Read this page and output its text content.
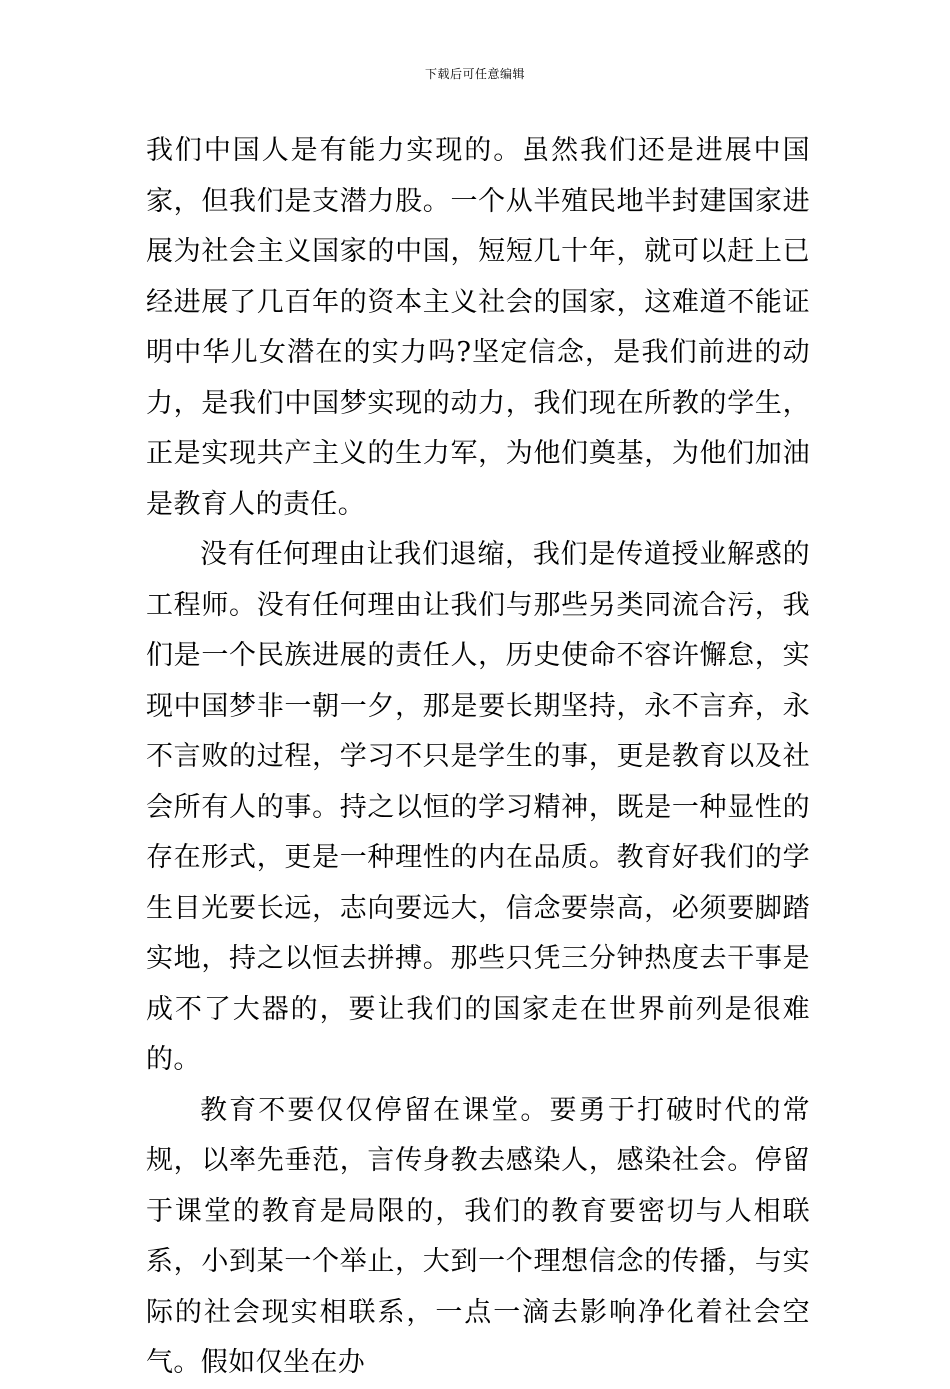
下载后可任意编辑

我们中国人是有能力实现的。虽然我们还是进展中国家，但我们是支潜力股。一个从半殖民地半封建国家进展为社会主义国家的中国，短短几十年，就可以赶上已经进展了几百年的资本主义社会的国家，这难道不能证明中华儿女潜在的实力吗?坚定信念，是我们前进的动力，是我们中国梦实现的动力，我们现在所教的学生，正是实现共产主义的生力军，为他们奠基，为他们加油是教育人的责任。

没有任何理由让我们退缩，我们是传道授业解惑的工程师。没有任何理由让我们与那些另类同流合污，我们是一个民族进展的责任人，历史使命不容许懈怠，实现中国梦非一朝一夕，那是要长期坚持，永不言弃，永不言败的过程，学习不只是学生的事，更是教育以及社会所有人的事。持之以恒的学习精神，既是一种显性的存在形式，更是一种理性的内在品质。教育好我们的学生目光要长远，志向要远大，信念要崇高，必须要脚踏实地，持之以恒去拼搏。那些只凭三分钟热度去干事是成不了大器的，要让我们的国家走在世界前列是很难的。

教育不要仅仅停留在课堂。要勇于打破时代的常规，以率先垂范，言传身教去感染人，感染社会。停留于课堂的教育是局限的，我们的教育要密切与人相联系，小到某一个举止，大到一个理想信念的传播，与实际的社会现实相联系，一点一滴去影响净化着社会空气。假如仅坐在办
